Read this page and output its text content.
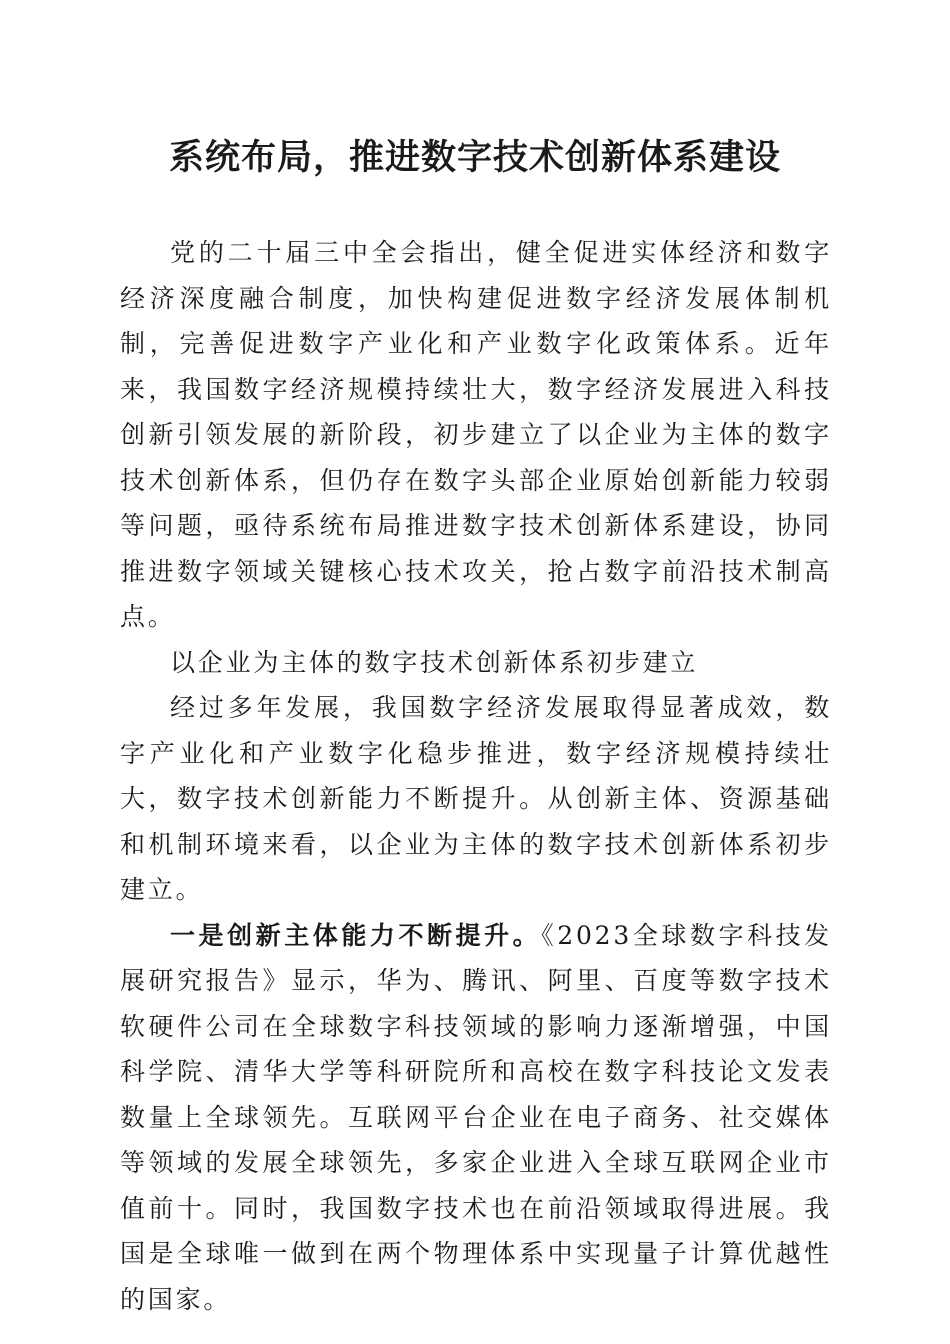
系统布局，推进数字技术创新体系建设

党的二十届三中全会指出，健全促进实体经济和数字经济深度融合制度，加快构建促进数字经济发展体制机制，完善促进数字产业化和产业数字化政策体系。近年来，我国数字经济规模持续壮大，数字经济发展进入科技创新引领发展的新阶段，初步建立了以企业为主体的数字技术创新体系，但仍存在数字头部企业原始创新能力较弱等问题，亟待系统布局推进数字技术创新体系建设，协同推进数字领域关键核心技术攻关，抢占数字前沿技术制高点。

以企业为主体的数字技术创新体系初步建立

经过多年发展，我国数字经济发展取得显著成效，数字产业化和产业数字化稳步推进，数字经济规模持续壮大，数字技术创新能力不断提升。从创新主体、资源基础和机制环境来看，以企业为主体的数字技术创新体系初步建立。

一是创新主体能力不断提升。《2023全球数字科技发展研究报告》显示，华为、腾讯、阿里、百度等数字技术软硬件公司在全球数字科技领域的影响力逐渐增强，中国科学院、清华大学等科研院所和高校在数字科技论文发表数量上全球领先。互联网平台企业在电子商务、社交媒体等领域的发展全球领先，多家企业进入全球互联网企业市值前十。同时，我国数字技术也在前沿领域取得进展。我国是全球唯一做到在两个物理体系中实现量子计算优越性的国家。
